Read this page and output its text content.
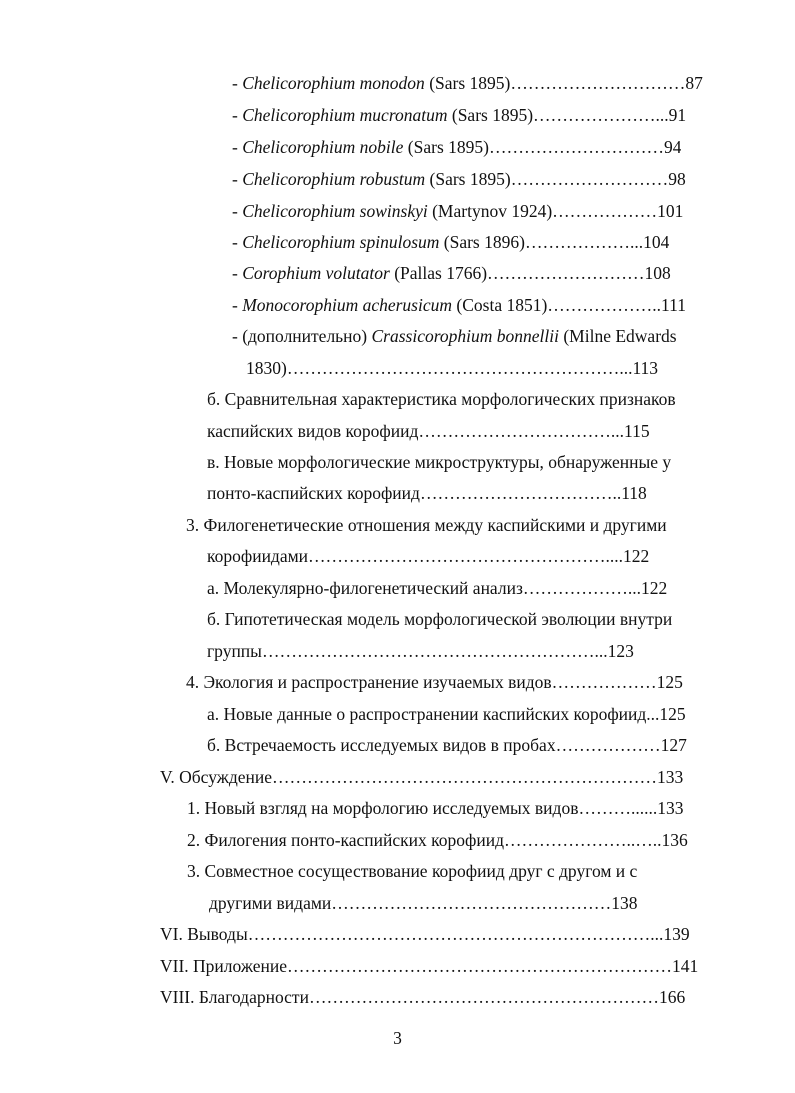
- Chelicorophium monodon (Sars 1895)…………………………87
- Chelicorophium mucronatum (Sars 1895)…………………...91
- Chelicorophium nobile (Sars 1895)…………………………94
- Chelicorophium robustum (Sars 1895)………………………98
- Chelicorophium sowinskyi (Martynov 1924)………………101
- Chelicorophium spinulosum (Sars 1896)………………...104
- Corophium volutator (Pallas 1766)………………………108
- Monocorophium acherusicum (Costa 1851)………………..111
- (дополнительно) Crassicorophium bonnellii (Milne Edwards
1830)…………………………………………………...113
б. Сравнительная характеристика морфологических признаков
каспийских видов корофиид……………………………...115
в. Новые морфологические микроструктуры, обнаруженные у
понто-каспийских корофиид……………………………..118
3. Филогенетические отношения между каспийскими и другими
корофиидами……………………………………………....122
а. Молекулярно-филогенетический анализ………………...122
б. Гипотетическая модель морфологической эволюции внутри
группы…………………………………………………...123
4. Экология и распространение изучаемых видов………………125
а. Новые данные о распространении каспийских корофиид...125
б. Встречаемость исследуемых видов в пробах………………127
V. Обсуждение…………………………………………………………133
1. Новый взгляд на морфологию исследуемых видов………......133
2. Филогения понто-каспийских корофиид…………………..…..136
3. Совместное сосуществование корофиид друг с другом и с
другими видами…………………………………………138
VI. Выводы……………………………………………………………...139
VII. Приложение…………………………………………………………141
VIII. Благодарности……………………………………………………166
3
